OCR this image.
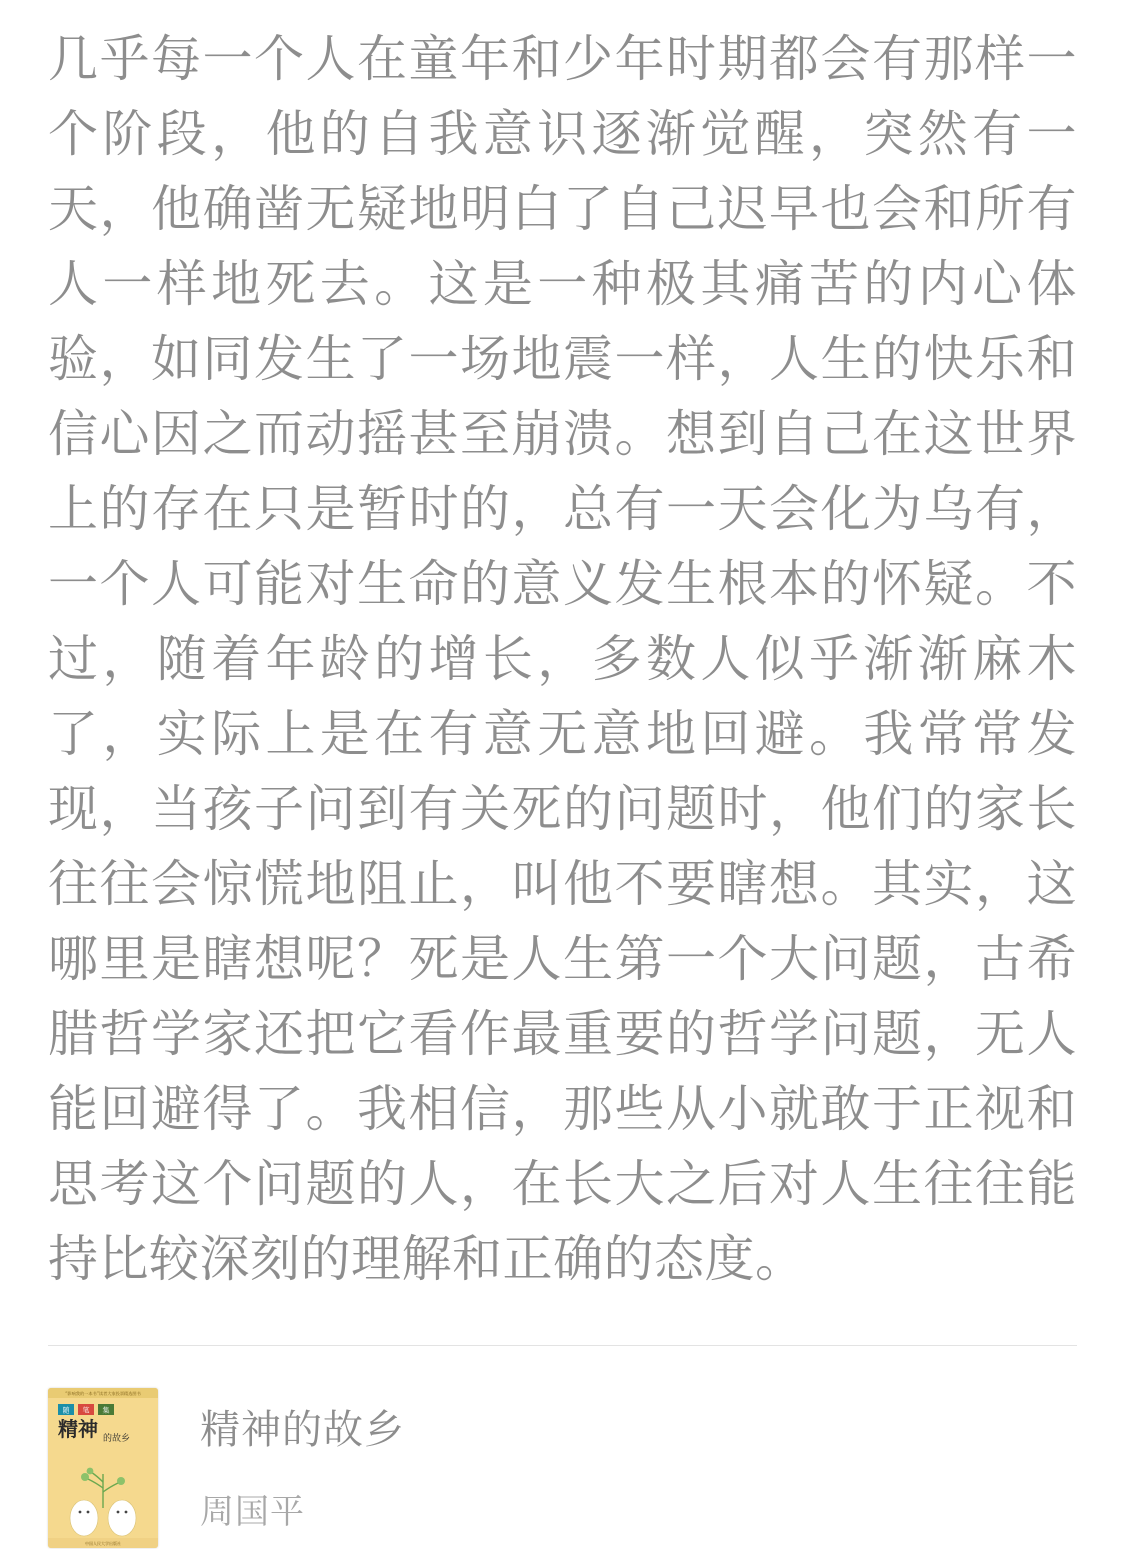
几乎每一个人在童年和少年时期都会有那样一个阶段，他的自我意识逐渐觉醒，突然有一天，他确凿无疑地明白了自己迟早也会和所有人一样地死去。这是一种极其痛苦的内心体验，如同发生了一场地震一样，人生的快乐和信心因之而动摇甚至崩溃。想到自己在这世界上的存在只是暂时的，总有一天会化为乌有，一个人可能对生命的意义发生根本的怀疑。不过，随着年龄的增长，多数人似乎渐渐麻木了，实际上是在有意无意地回避。我常常发现，当孩子问到有关死的问题时，他们的家长往往会惊慌地阻止，叫他不要瞎想。其实，这哪里是瞎想呢？死是人生第一个大问题，古希腊哲学家还把它看作最重要的哲学问题，无人能回避得了。我相信，那些从小就敢于正视和思考这个问题的人，在长大之后对人生往往能持比较深刻的理解和正确的态度。

“影响我的一本书”读者大家投票精选图书
随 笔 集
精神 的故乡
中国人民大学出版社
精神的故乡
周国平
